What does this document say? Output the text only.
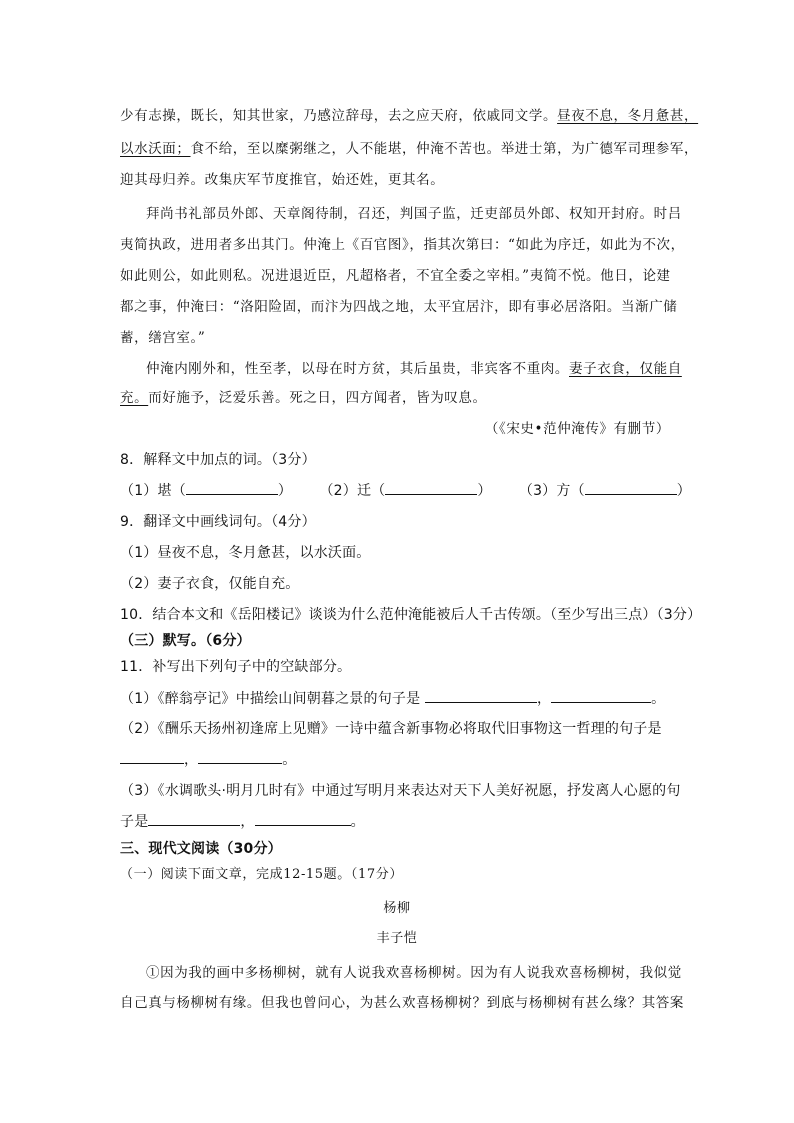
少有志操，既长，知其世家，乃感泣辞母，去之应天府，依戚同文学。昼夜不息，冬月惫甚，
以水沃面；食不给，至以糜粥继之，人不能堪，仲淹不苦也。举进士第，为广德军司理参军，
迎其母归养。改集庆军节度推官，始还姓，更其名。
拜尚书礼部员外郎、天章阁待制，召还，判国子监，迁吏部员外郎、权知开封府。时吕
夷简执政，进用者多出其门。仲淹上《百官图》，指其次第曰：“如此为序迁，如此为不次，
如此则公，如此则私。况进退近臣，凡超格者，不宜全委之宰相。”夷简不悦。他日，论建
都之事，仲淹曰：“洛阳险固，而汴为四战之地，太平宜居汴，即有事必居洛阳。当渐广储
蓄，缮宫室。”
仲淹内刚外和，性至孝，以母在时方贫，其后虽贵，非宾客不重肉。妻子衣食，仅能自
充。而好施予，泛爱乐善。死之日，四方闻者，皆为叹息。
（《宋史•范仲淹传》有删节）
8．解释文中加点的词。（3分）
（1）堪（	） （2）迁（	） （3）方（	）
9．翻译文中画线词句。（4分）
（1）昼夜不息，冬月惫甚，以水沃面。
（2）妻子衣食，仅能自充。
10．结合本文和《岳阳楼记》谈谈为什么范仲淹能被后人千古传颂。（至少写出三点）（3分）
（三）默写。（6分）
11．补写出下列句子中的空缺部分。
（1）《醉翁亭记》中描绘山间朝暮之景的句子是	，	。
（2）《酬乐天扬州初逢席上见赠》一诗中蕴含新事物必将取代旧事物这一哲理的句子是
，	。
（3）《水调歌头·明月几时有》中通过写明月来表达对天下人美好祝愿，抒发离人心愿的句
子是	，	。
三、现代文阅读（30分）
（一）阅读下面文章，完成12-15题。（17分）
杨柳
丰子恺
①因为我的画中多杨柳树，就有人说我欢喜杨柳树。因为有人说我欢喜杨柳树，我似觉
自己真与杨柳树有缘。但我也曾问心，为甚么欢喜杨柳树？到底与杨柳树有甚么缘？其答案
